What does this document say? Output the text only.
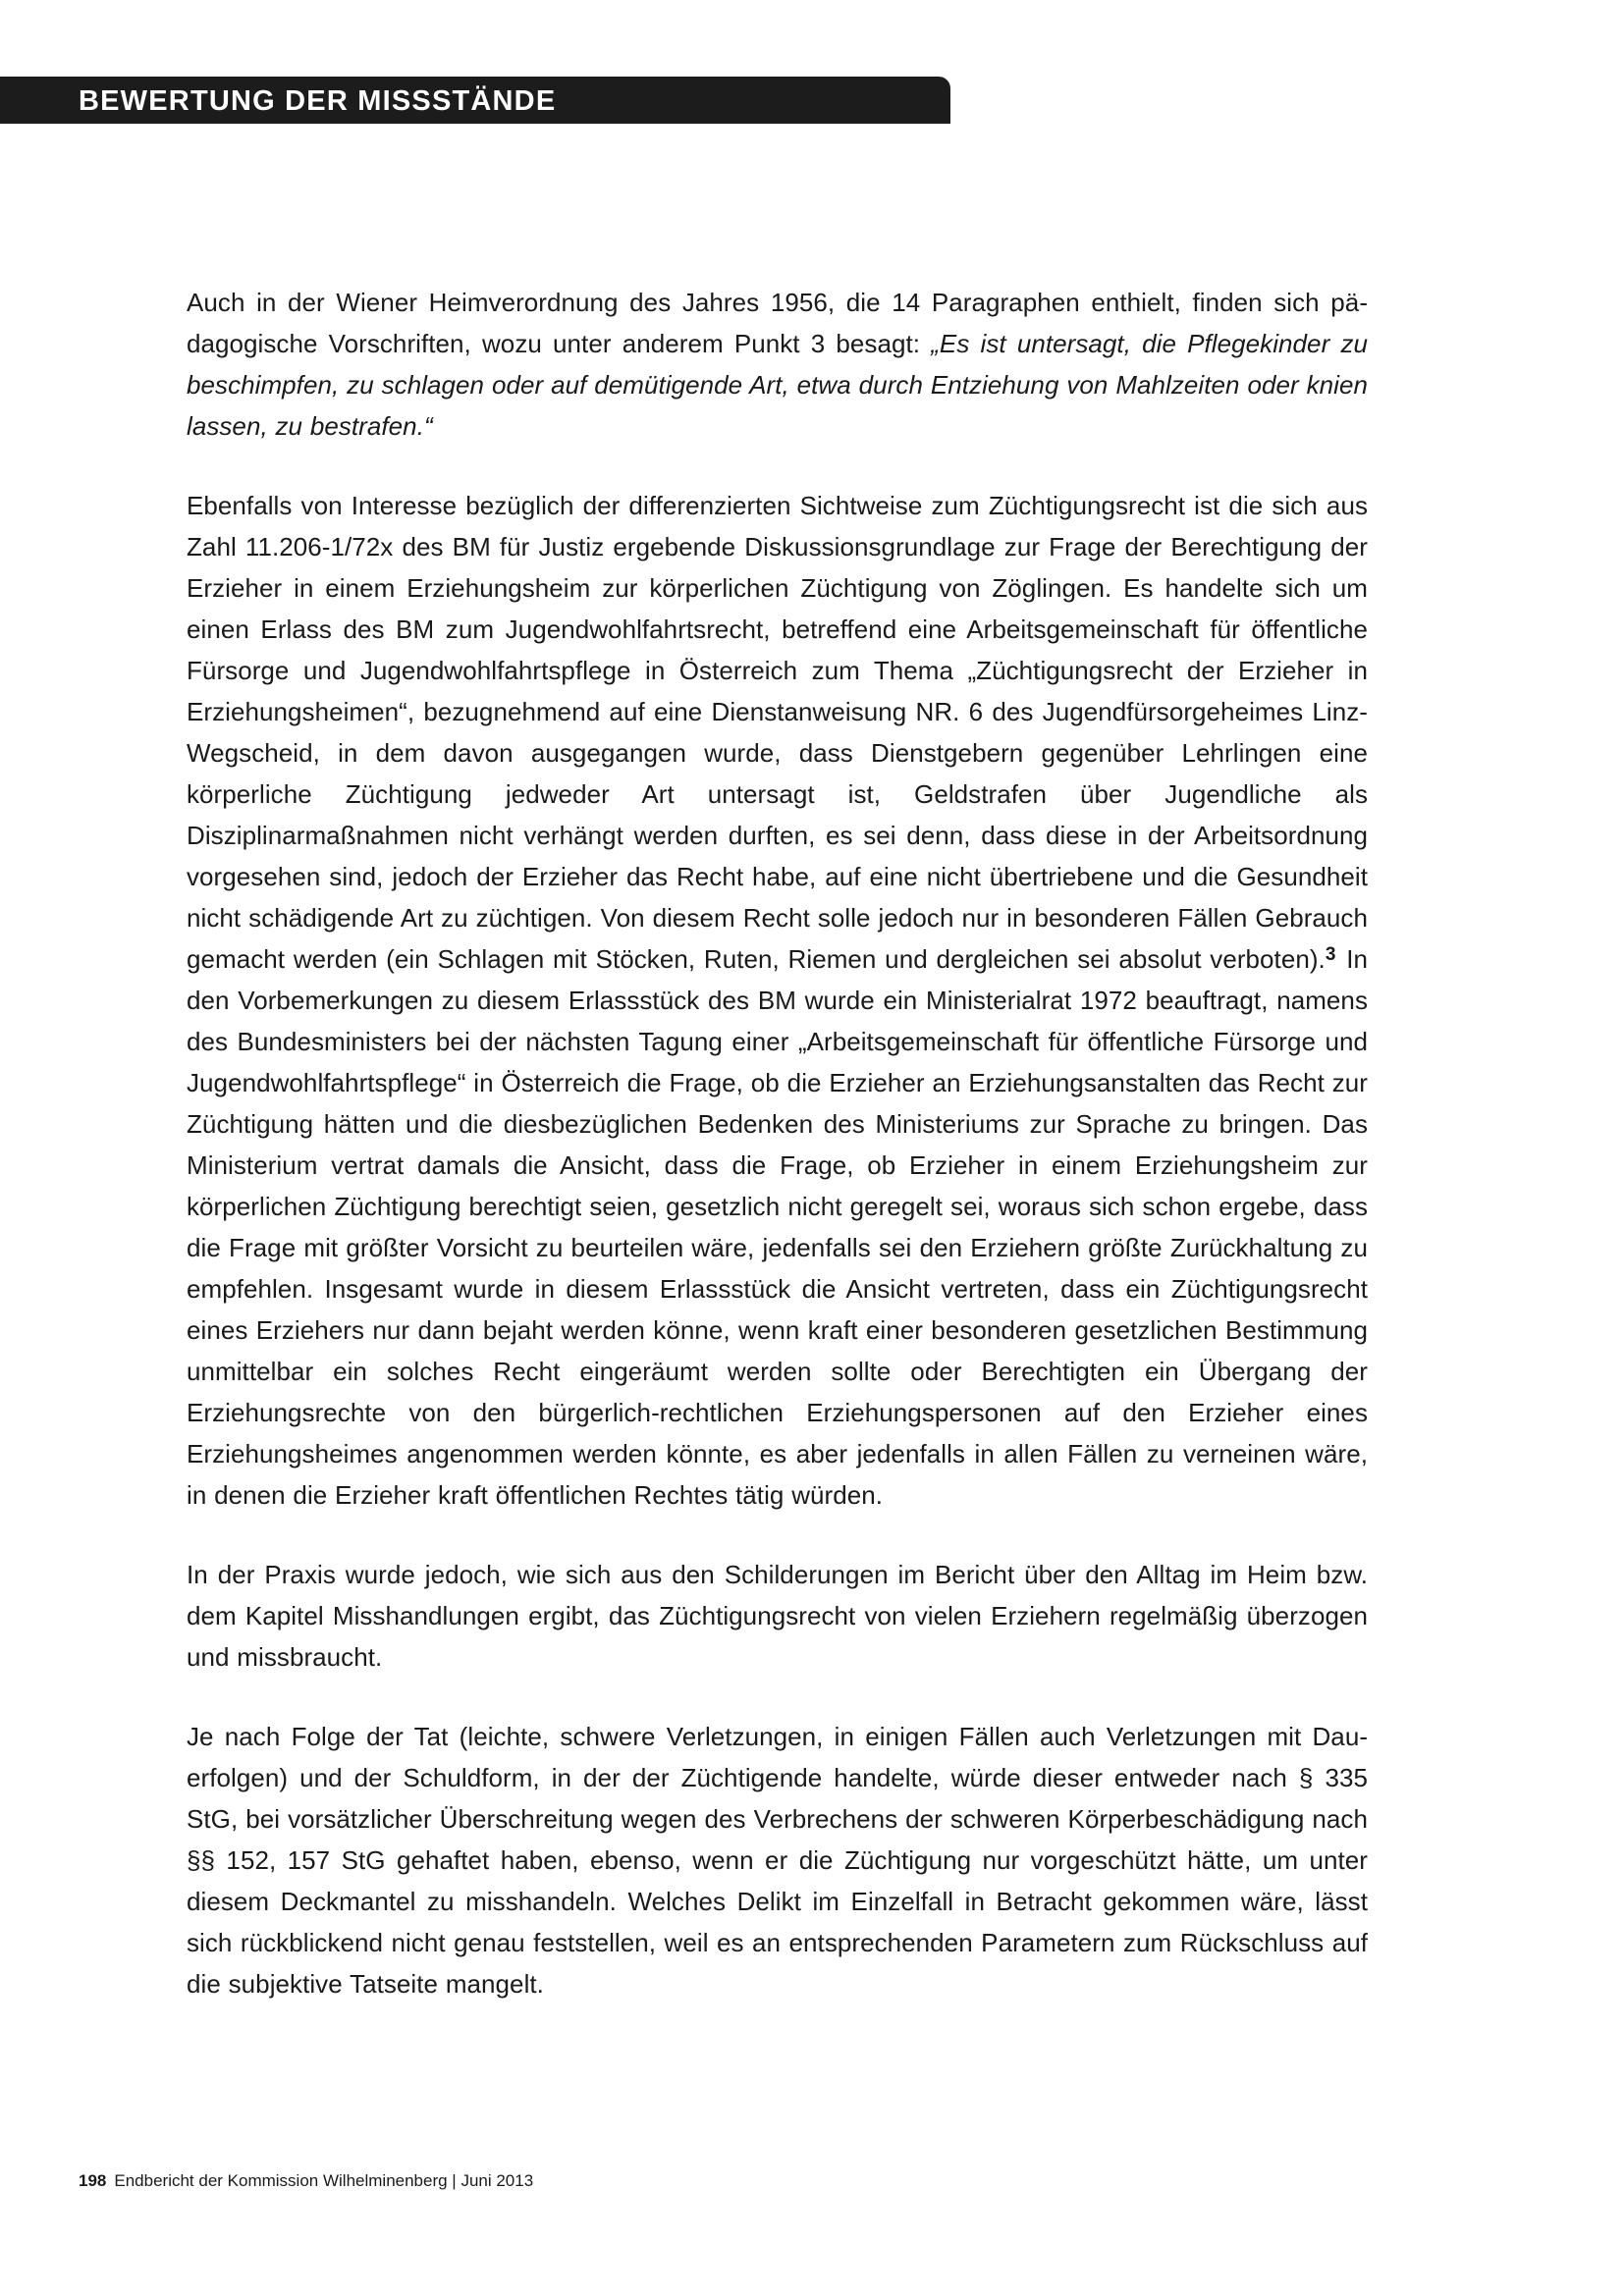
BEWERTUNG DER MISSSTÄNDE

Auch in der Wiener Heimverordnung des Jahres 1956, die 14 Paragraphen enthielt, finden sich pädagogische Vorschriften, wozu unter anderem Punkt 3 besagt: „Es ist untersagt, die Pflegekinder zu beschimpfen, zu schlagen oder auf demütigende Art, etwa durch Entziehung von Mahlzeiten oder knien lassen, zu bestrafen.“

Ebenfalls von Interesse bezüglich der differenzierten Sichtweise zum Züchtigungsrecht ist die sich aus Zahl 11.206-1/72x des BM für Justiz ergebende Diskussionsgrundlage zur Frage der Berechtigung der Erzieher in einem Erziehungsheim zur körperlichen Züchtigung von Zöglingen. Es handelte sich um einen Erlass des BM zum Jugendwohlfahrtsrecht, betreffend eine Arbeitsgemeinschaft für öffentliche Fürsorge und Jugendwohlfahrtspflege in Österreich zum Thema „Züchtigungsrecht der Erzieher in Erziehungsheimen“, bezugnehmend auf eine Dienstanweisung NR. 6 des Jugendfürsorgeheimes Linz-Wegscheid, in dem davon ausgegangen wurde, dass Dienstgebern gegenüber Lehrlingen eine körperliche Züchtigung jedweder Art untersagt ist, Geldstrafen über Jugendliche als Disziplinarmaßnahmen nicht verhängt werden durften, es sei denn, dass diese in der Arbeitsordnung vorgesehen sind, jedoch der Erzieher das Recht habe, auf eine nicht übertriebene und die Gesundheit nicht schädigende Art zu züchtigen. Von diesem Recht solle jedoch nur in besonderen Fällen Gebrauch gemacht werden (ein Schlagen mit Stöcken, Ruten, Riemen und dergleichen sei absolut verboten).$^3$ In den Vorbemerkungen zu diesem Erlassstück des BM wurde ein Ministerialrat 1972 beauftragt, namens des Bundesministers bei der nächsten Tagung einer „Arbeitsgemeinschaft für öffentliche Fürsorge und Jugendwohlfahrtspflege“ in Österreich die Frage, ob die Erzieher an Erziehungsanstalten das Recht zur Züchtigung hätten und die diesbezüglichen Bedenken des Ministeriums zur Sprache zu bringen. Das Ministerium vertrat damals die Ansicht, dass die Frage, ob Erzieher in einem Erziehungsheim zur körperlichen Züchtigung berechtigt seien, gesetzlich nicht geregelt sei, woraus sich schon ergebe, dass die Frage mit größter Vorsicht zu beurteilen wäre, jedenfalls sei den Erziehern größte Zurückhaltung zu empfehlen. Insgesamt wurde in diesem Erlassstück die Ansicht vertreten, dass ein Züchtigungsrecht eines Erziehers nur dann bejaht werden könne, wenn kraft einer besonderen gesetzlichen Bestimmung unmittelbar ein solches Recht eingeräumt werden sollte oder Berechtigten ein Übergang der Erziehungsrechte von den bürgerlich-rechtlichen Erziehungspersonen auf den Erzieher eines Erziehungsheimes angenommen werden könnte, es aber jedenfalls in allen Fällen zu verneinen wäre, in denen die Erzieher kraft öffentlichen Rechtes tätig würden.

In der Praxis wurde jedoch, wie sich aus den Schilderungen im Bericht über den Alltag im Heim bzw. dem Kapitel Misshandlungen ergibt, das Züchtigungsrecht von vielen Erziehern regelmäßig überzogen und missbraucht.

Je nach Folge der Tat (leichte, schwere Verletzungen, in einigen Fällen auch Verletzungen mit Dauerfolgen) und der Schuldform, in der der Züchtigende handelte, würde dieser entweder nach § 335 StG, bei vorsätzlicher Überschreitung wegen des Verbrechens der schweren Körperbeschädigung nach §§ 152, 157 StG gehaftet haben, ebenso, wenn er die Züchtigung nur vorgeschützt hätte, um unter diesem Deckmantel zu misshandeln. Welches Delikt im Einzelfall in Betracht gekommen wäre, lässt sich rückblickend nicht genau feststellen, weil es an entsprechenden Parametern zum Rückschluss auf die subjektive Tatseite mangelt.

198 Endbericht der Kommission Wilhelminenberg | Juni 2013
